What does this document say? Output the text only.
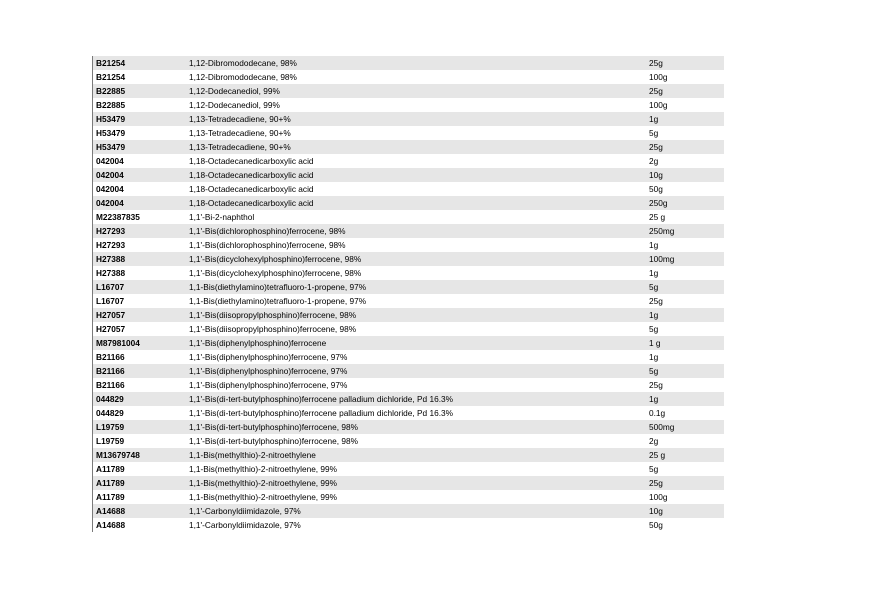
B21254	1,12-Dibromododecane, 98%	25g
B21254	1,12-Dibromododecane, 98%	100g
B22885	1,12-Dodecanediol, 99%	25g
B22885	1,12-Dodecanediol, 99%	100g
H53479	1,13-Tetradecadiene, 90+%	1g
H53479	1,13-Tetradecadiene, 90+%	5g
H53479	1,13-Tetradecadiene, 90+%	25g
042004	1,18-Octadecanedicarboxylic acid	2g
042004	1,18-Octadecanedicarboxylic acid	10g
042004	1,18-Octadecanedicarboxylic acid	50g
042004	1,18-Octadecanedicarboxylic acid	250g
M22387835	1,1'-Bi-2-naphthol	25 g
H27293	1,1'-Bis(dichlorophosphino)ferrocene, 98%	250mg
H27293	1,1'-Bis(dichlorophosphino)ferrocene, 98%	1g
H27388	1,1'-Bis(dicyclohexylphosphino)ferrocene, 98%	100mg
H27388	1,1'-Bis(dicyclohexylphosphino)ferrocene, 98%	1g
L16707	1,1-Bis(diethylamino)tetrafluoro-1-propene, 97%	5g
L16707	1,1-Bis(diethylamino)tetrafluoro-1-propene, 97%	25g
H27057	1,1'-Bis(diisopropylphosphino)ferrocene, 98%	1g
H27057	1,1'-Bis(diisopropylphosphino)ferrocene, 98%	5g
M87981004	1,1'-Bis(diphenylphosphino)ferrocene	1 g
B21166	1,1'-Bis(diphenylphosphino)ferrocene, 97%	1g
B21166	1,1'-Bis(diphenylphosphino)ferrocene, 97%	5g
B21166	1,1'-Bis(diphenylphosphino)ferrocene, 97%	25g
044829	1,1'-Bis(di-tert-butylphosphino)ferrocene palladium dichloride, Pd 16.3%	1g
044829	1,1'-Bis(di-tert-butylphosphino)ferrocene palladium dichloride, Pd 16.3%	0.1g
L19759	1,1'-Bis(di-tert-butylphosphino)ferrocene, 98%	500mg
L19759	1,1'-Bis(di-tert-butylphosphino)ferrocene, 98%	2g
M13679748	1,1-Bis(methylthio)-2-nitroethylene	25 g
A11789	1,1-Bis(methylthio)-2-nitroethylene, 99%	5g
A11789	1,1-Bis(methylthio)-2-nitroethylene, 99%	25g
A11789	1,1-Bis(methylthio)-2-nitroethylene, 99%	100g
A14688	1,1'-Carbonyldiimidazole, 97%	10g
A14688	1,1'-Carbonyldiimidazole, 97%	50g
